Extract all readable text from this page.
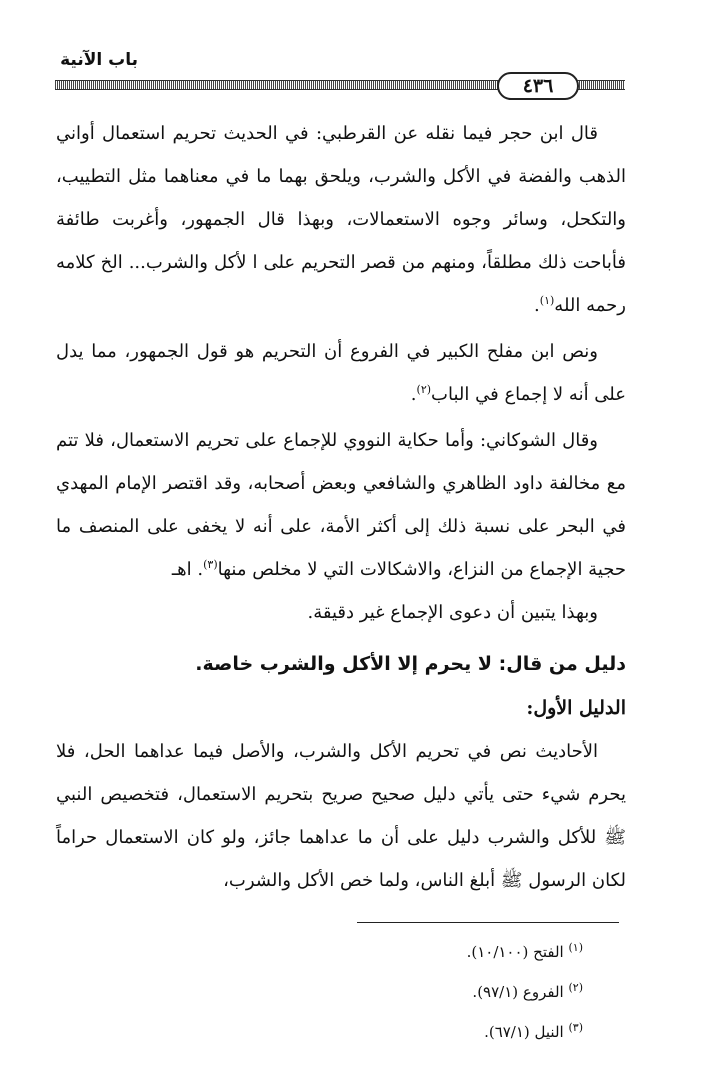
باب الآنية
٤٣٦

قال ابن حجر فيما نقله عن القرطبي: في الحديث تحريم استعمال أواني الذهب والفضة في الأكل والشرب، ويلحق بهما ما في معناهما مثل التطييب، والتكحل، وسائر وجوه الاستعمالات، وبهذا قال الجمهور، وأغربت طائفة فأباحت ذلك مطلقاً، ومنهم من قصر التحريم على ا لأكل والشرب... الخ كلامه رحمه الله$^{(١)}$.

ونص ابن مفلح الكبير في الفروع أن التحريم هو قول الجمهور، مما يدل على أنه لا إجماع في الباب$^{(٢)}$.

وقال الشوكاني: وأما حكاية النووي للإجماع على تحريم الاستعمال، فلا تتم مع مخالفة داود الظاهري والشافعي وبعض أصحابه، وقد اقتصر الإمام المهدي في البحر على نسبة ذلك إلى أكثر الأمة، على أنه لا يخفى على المنصف ما حجية الإجماع من النزاع، والاشكالات التي لا مخلص منها$^{(٣)}$. اهـ

وبهذا يتبين أن دعوى الإجماع غير دقيقة.

دليل من قال: لا يحرم إلا الأكل والشرب خاصة.
الدليل الأول:

الأحاديث نص في تحريم الأكل والشرب، والأصل فيما عداهما الحل، فلا يحرم شيء حتى يأتي دليل صحيح صريح بتحريم الاستعمال، فتخصيص النبي ﷺ للأكل والشرب دليل على أن ما عداهما جائز، ولو كان الاستعمال حراماً لكان الرسول ﷺ أبلغ الناس، ولما خص الأكل والشرب،

$^{(١)}$ الفتح (١٠/١٠٠).

$^{(٢)}$ الفروع (٩٧/١).

$^{(٣)}$ النيل (٦٧/١).
